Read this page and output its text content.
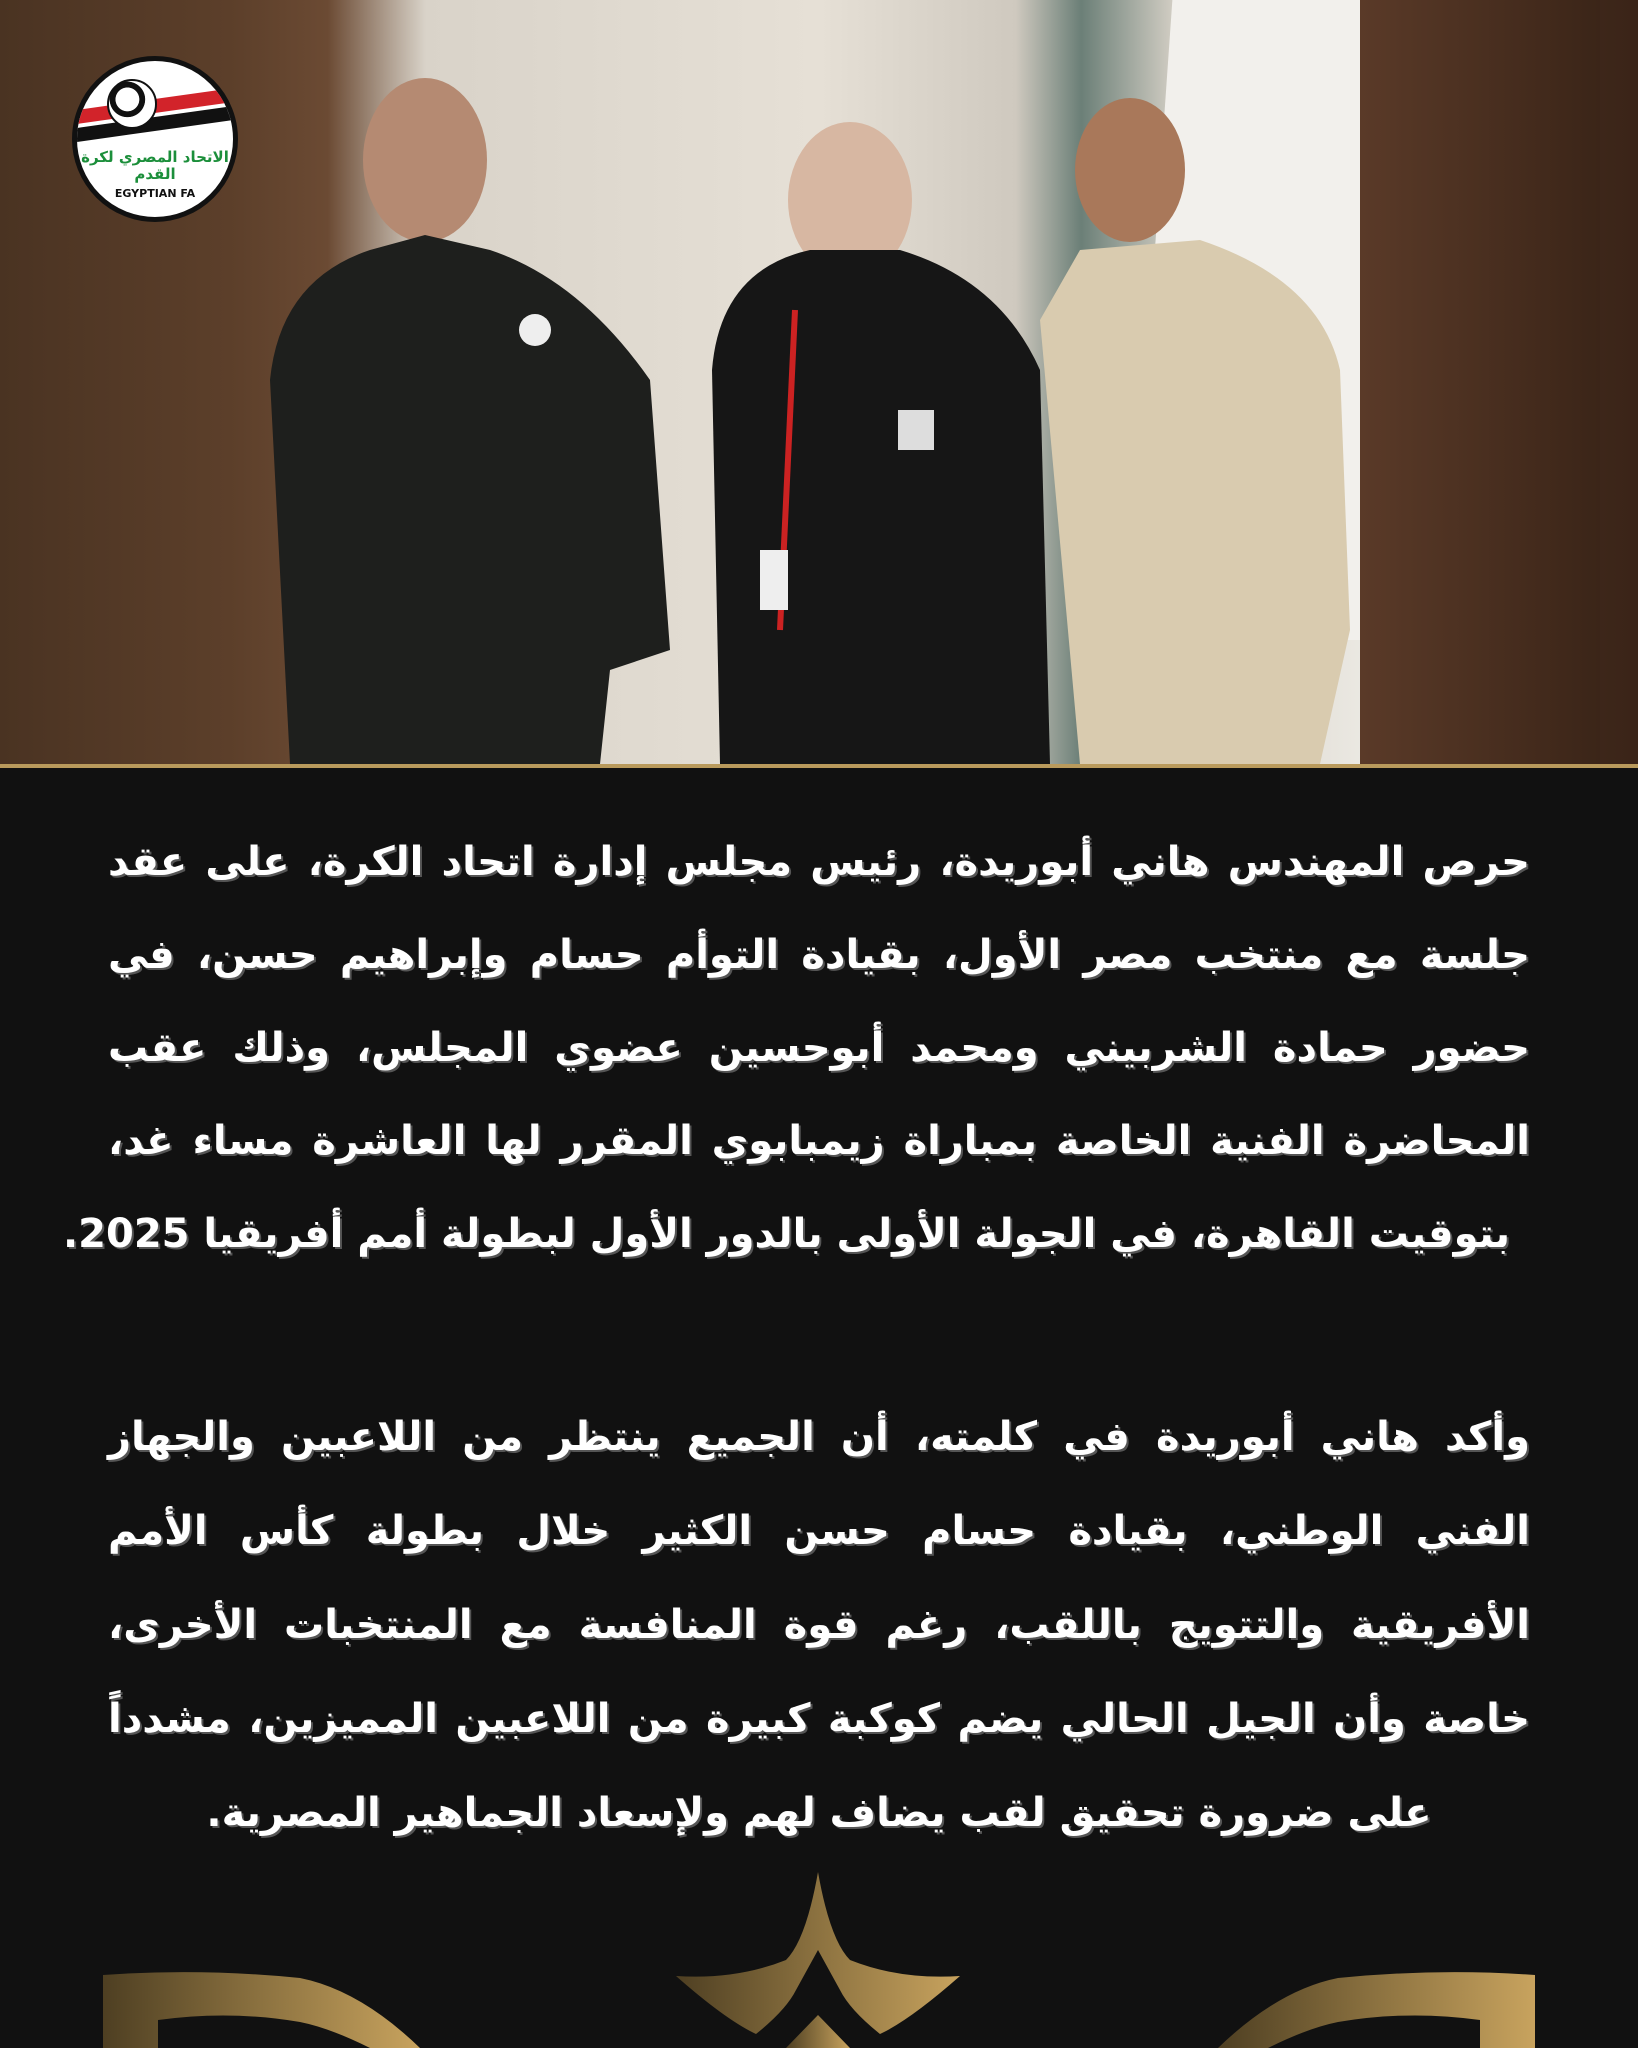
الاتحاد المصري لكرة القدم
EGYPTIAN FA
حرص المهندس هاني أبوريدة، رئيس مجلس إدارة اتحاد الكرة، على عقد
جلسة مع منتخب مصر الأول، بقيادة التوأم حسام وإبراهيم حسن، في
حضور حمادة الشربيني ومحمد أبوحسين عضوي المجلس، وذلك عقب
المحاضرة الفنية الخاصة بمباراة زيمبابوي المقرر لها العاشرة مساء غد،
بتوقيت القاهرة، في الجولة الأولى بالدور الأول لبطولة أمم أفريقيا 2025.
وأكد هاني أبوريدة في كلمته، أن الجميع ينتظر من اللاعبين والجهاز
الفني الوطني، بقيادة حسام حسن الكثير خلال بطولة كأس الأمم
الأفريقية والتتويج باللقب، رغم قوة المنافسة مع المنتخبات الأخرى،
خاصة وأن الجيل الحالي يضم كوكبة كبيرة من اللاعبين المميزين، مشدداً
على ضرورة تحقيق لقب يضاف لهم ولإسعاد الجماهير المصرية.
